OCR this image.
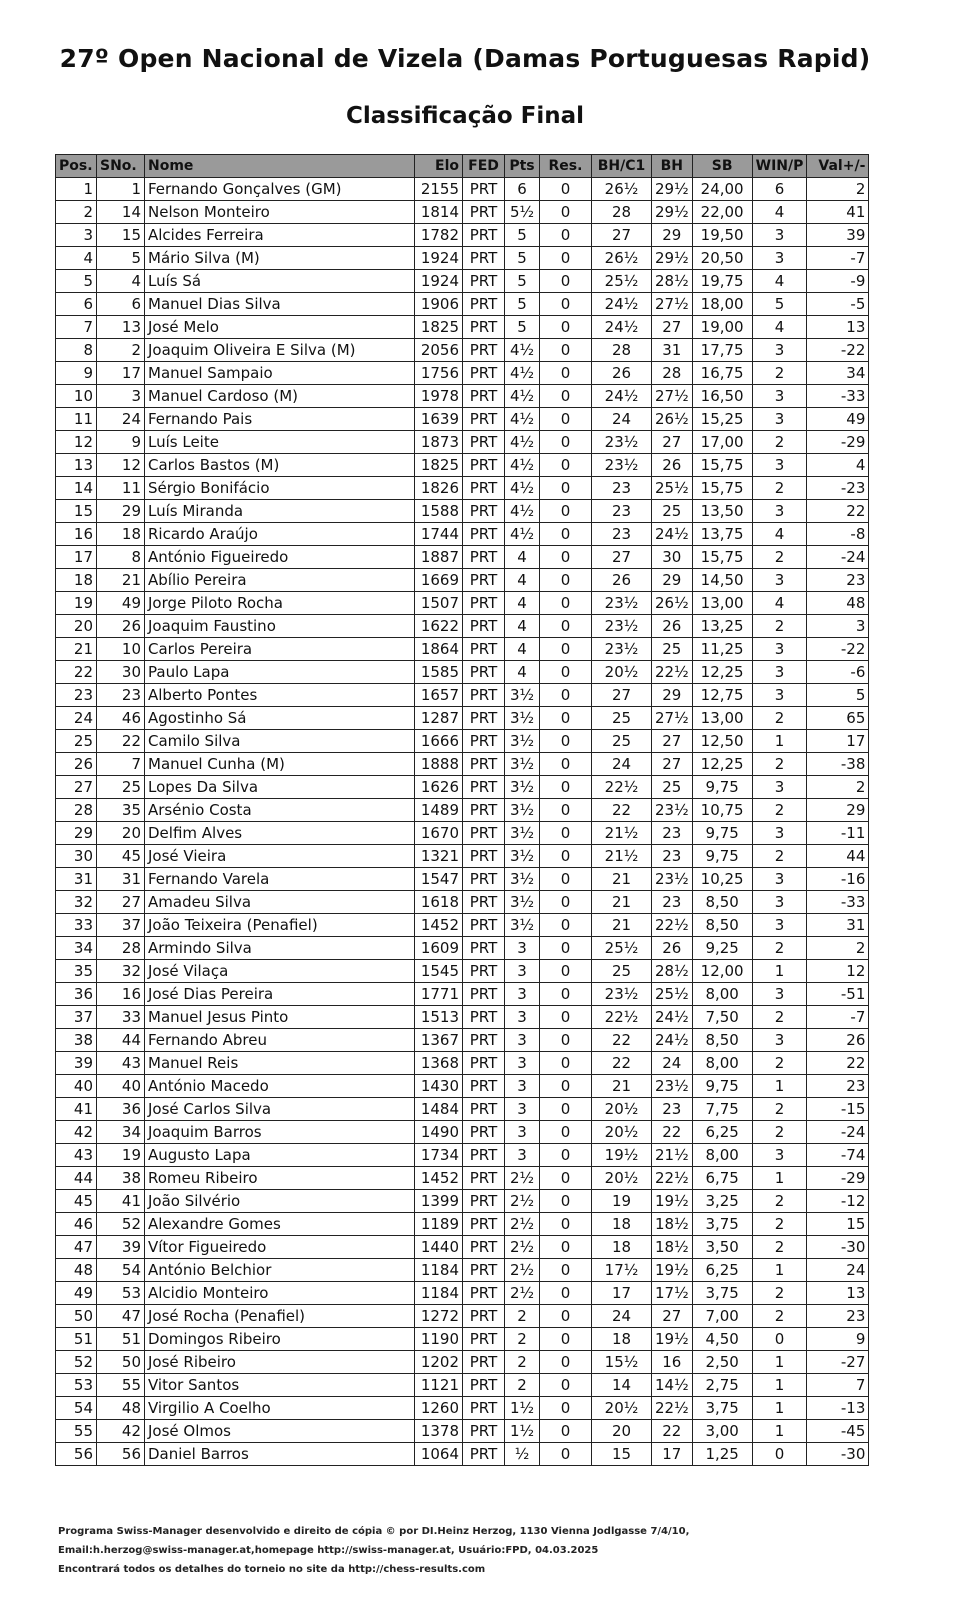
27º Open Nacional de Vizela (Damas Portuguesas Rapid)
Classificação Final
Pos.	SNo.	Nome	Elo	FED	Pts	Res.	BH/C1	BH	SB	WIN/P	Val+/-
1	1	Fernando Gonçalves (GM)	2155	PRT	6	0	26½	29½	24,00	6	2
2	14	Nelson Monteiro	1814	PRT	5½	0	28	29½	22,00	4	41
3	15	Alcides Ferreira	1782	PRT	5	0	27	29	19,50	3	39
4	5	Mário Silva (M)	1924	PRT	5	0	26½	29½	20,50	3	-7
5	4	Luís Sá	1924	PRT	5	0	25½	28½	19,75	4	-9
6	6	Manuel Dias Silva	1906	PRT	5	0	24½	27½	18,00	5	-5
7	13	José Melo	1825	PRT	5	0	24½	27	19,00	4	13
8	2	Joaquim Oliveira E Silva (M)	2056	PRT	4½	0	28	31	17,75	3	-22
9	17	Manuel Sampaio	1756	PRT	4½	0	26	28	16,75	2	34
10	3	Manuel Cardoso (M)	1978	PRT	4½	0	24½	27½	16,50	3	-33
11	24	Fernando Pais	1639	PRT	4½	0	24	26½	15,25	3	49
12	9	Luís Leite	1873	PRT	4½	0	23½	27	17,00	2	-29
13	12	Carlos Bastos (M)	1825	PRT	4½	0	23½	26	15,75	3	4
14	11	Sérgio Bonifácio	1826	PRT	4½	0	23	25½	15,75	2	-23
15	29	Luís Miranda	1588	PRT	4½	0	23	25	13,50	3	22
16	18	Ricardo Araújo	1744	PRT	4½	0	23	24½	13,75	4	-8
17	8	António Figueiredo	1887	PRT	4	0	27	30	15,75	2	-24
18	21	Abílio Pereira	1669	PRT	4	0	26	29	14,50	3	23
19	49	Jorge Piloto Rocha	1507	PRT	4	0	23½	26½	13,00	4	48
20	26	Joaquim Faustino	1622	PRT	4	0	23½	26	13,25	2	3
21	10	Carlos Pereira	1864	PRT	4	0	23½	25	11,25	3	-22
22	30	Paulo Lapa	1585	PRT	4	0	20½	22½	12,25	3	-6
23	23	Alberto Pontes	1657	PRT	3½	0	27	29	12,75	3	5
24	46	Agostinho Sá	1287	PRT	3½	0	25	27½	13,00	2	65
25	22	Camilo Silva	1666	PRT	3½	0	25	27	12,50	1	17
26	7	Manuel Cunha (M)	1888	PRT	3½	0	24	27	12,25	2	-38
27	25	Lopes Da Silva	1626	PRT	3½	0	22½	25	9,75	3	2
28	35	Arsénio Costa	1489	PRT	3½	0	22	23½	10,75	2	29
29	20	Delfim Alves	1670	PRT	3½	0	21½	23	9,75	3	-11
30	45	José Vieira	1321	PRT	3½	0	21½	23	9,75	2	44
31	31	Fernando Varela	1547	PRT	3½	0	21	23½	10,25	3	-16
32	27	Amadeu Silva	1618	PRT	3½	0	21	23	8,50	3	-33
33	37	João Teixeira (Penafiel)	1452	PRT	3½	0	21	22½	8,50	3	31
34	28	Armindo Silva	1609	PRT	3	0	25½	26	9,25	2	2
35	32	José Vilaça	1545	PRT	3	0	25	28½	12,00	1	12
36	16	José Dias Pereira	1771	PRT	3	0	23½	25½	8,00	3	-51
37	33	Manuel Jesus Pinto	1513	PRT	3	0	22½	24½	7,50	2	-7
38	44	Fernando Abreu	1367	PRT	3	0	22	24½	8,50	3	26
39	43	Manuel Reis	1368	PRT	3	0	22	24	8,00	2	22
40	40	António Macedo	1430	PRT	3	0	21	23½	9,75	1	23
41	36	José Carlos Silva	1484	PRT	3	0	20½	23	7,75	2	-15
42	34	Joaquim Barros	1490	PRT	3	0	20½	22	6,25	2	-24
43	19	Augusto Lapa	1734	PRT	3	0	19½	21½	8,00	3	-74
44	38	Romeu Ribeiro	1452	PRT	2½	0	20½	22½	6,75	1	-29
45	41	João Silvério	1399	PRT	2½	0	19	19½	3,25	2	-12
46	52	Alexandre Gomes	1189	PRT	2½	0	18	18½	3,75	2	15
47	39	Vítor Figueiredo	1440	PRT	2½	0	18	18½	3,50	2	-30
48	54	António Belchior	1184	PRT	2½	0	17½	19½	6,25	1	24
49	53	Alcidio Monteiro	1184	PRT	2½	0	17	17½	3,75	2	13
50	47	José Rocha (Penafiel)	1272	PRT	2	0	24	27	7,00	2	23
51	51	Domingos Ribeiro	1190	PRT	2	0	18	19½	4,50	0	9
52	50	José Ribeiro	1202	PRT	2	0	15½	16	2,50	1	-27
53	55	Vitor Santos	1121	PRT	2	0	14	14½	2,75	1	7
54	48	Virgilio A Coelho	1260	PRT	1½	0	20½	22½	3,75	1	-13
55	42	José Olmos	1378	PRT	1½	0	20	22	3,00	1	-45
56	56	Daniel Barros	1064	PRT	½	0	15	17	1,25	0	-30
Programa Swiss-Manager desenvolvido e direito de cópia © por DI.Heinz Herzog, 1130 Vienna Jodlgasse 7/4/10,
Email:h.herzog@swiss-manager.at,homepage http://swiss-manager.at, Usuário:FPD, 04.03.2025
Encontrará todos os detalhes do torneio no site da http://chess-results.com
